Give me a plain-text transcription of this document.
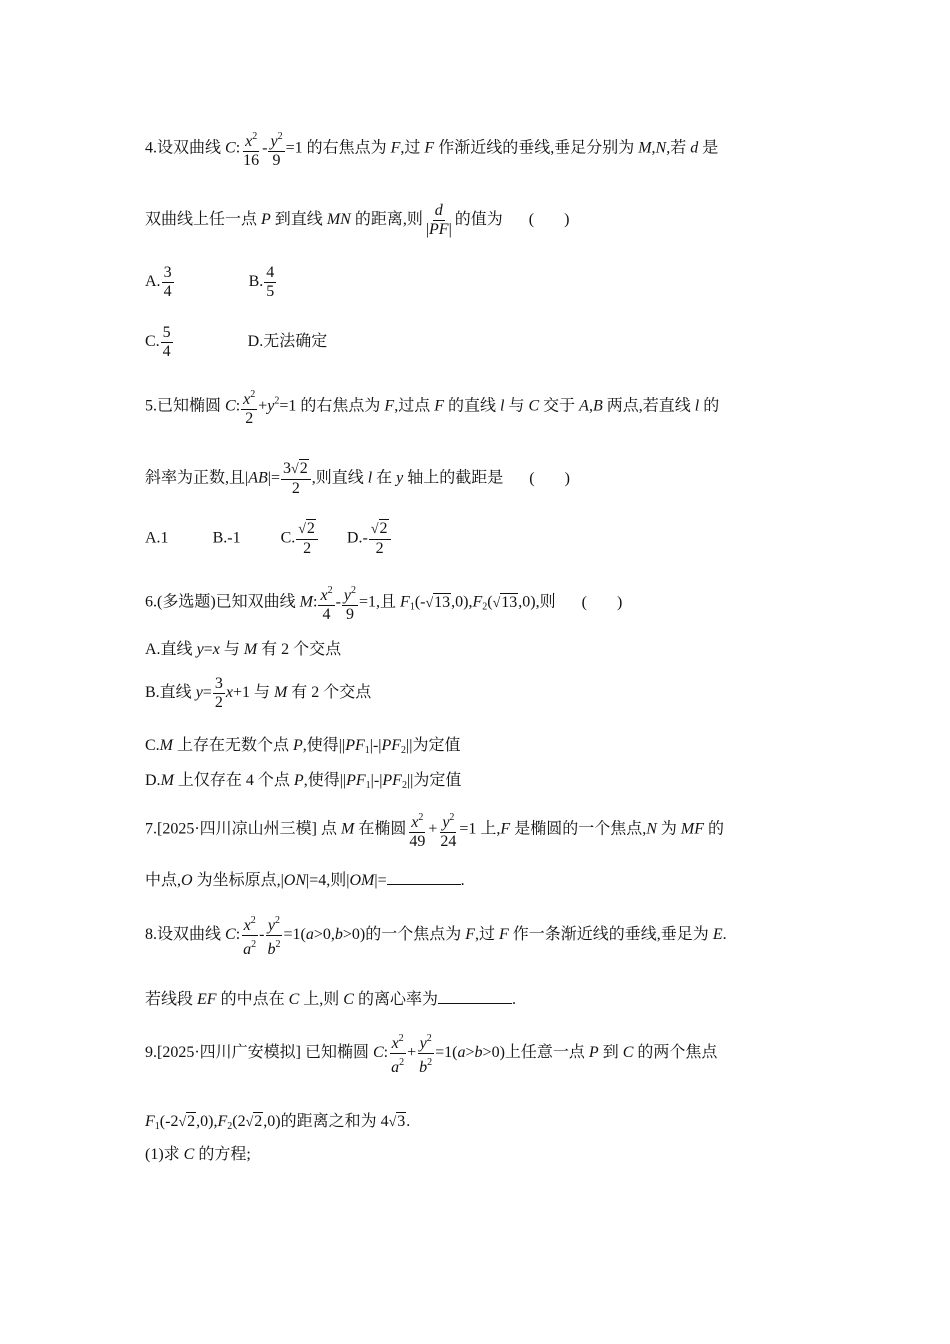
4.设双曲线 C: $\frac{x^2}{16} - \frac{y^2}{9} =1$ 的右焦点为 F,过 F 作渐近线的垂线,垂足分别为 M,N,若 d 是
双曲线上任一点 P 到直线 MN 的距离,则 $\frac{d}{|PF|}$ 的值为 ()
A. $\frac{3}{4}$	B. $\frac{4}{5}$
C. $\frac{5}{4}$	D.无法确定
5.已知椭圆 C: $\frac{x^2}{2} +y^2=1$ 的右焦点为 F,过点 F 的直线 l 与 C 交于 A,B 两点,若直线 l 的
斜率为正数,且$|AB|= \frac{3√2}{2}$ ,则直线 l 在 y 轴上的截距是 ()
A.1	B.-1	C. $\frac{√2}{2} D.- \frac{√2}{2}$
6.(多选题)已知双曲线 M: $\frac{x^2}{4} - \frac{y^2}{9} =1$,且 $F_1(-√13,0),F_2(√13,0)$,则 ()
A.直线 y=x 与 M 有 2 个交点
B.直线 $y= \frac{3}{2} x+1$ 与 M 有 2 个交点
C.M 上存在无数个点 P,使得$||PF_1|-|PF_2||$为定值
D.M 上仅存在 4 个点 P,使得$||PF_1|-|PF_2||$为定值
7.[2025·四川凉山州三模] 点 M 在椭圆 $\frac{x^2}{49} + \frac{y^2}{24} =1$ 上,F 是椭圆的一个焦点,N 为 MF 的
中点,O 为坐标原点,|ON|=4,则|OM|=	.
8.设双曲线 C: $\frac{x^2}{a^2} - \frac{y^2}{b^2} =1(a>0,b>0)$的一个焦点为 F,过 F 作一条渐近线的垂线,垂足为 E.
若线段 EF 的中点在 C 上,则 C 的离心率为	.
9.[2025·四川广安模拟] 已知椭圆 C: $\frac{x^2}{a^2} + \frac{y^2}{b^2} =1(a>b>0)$上任意一点 P 到 C 的两个焦点
$F_1(-2√2,0),F_2(2√2,0)$的距离之和为 4√3.
(1)求 C 的方程;
